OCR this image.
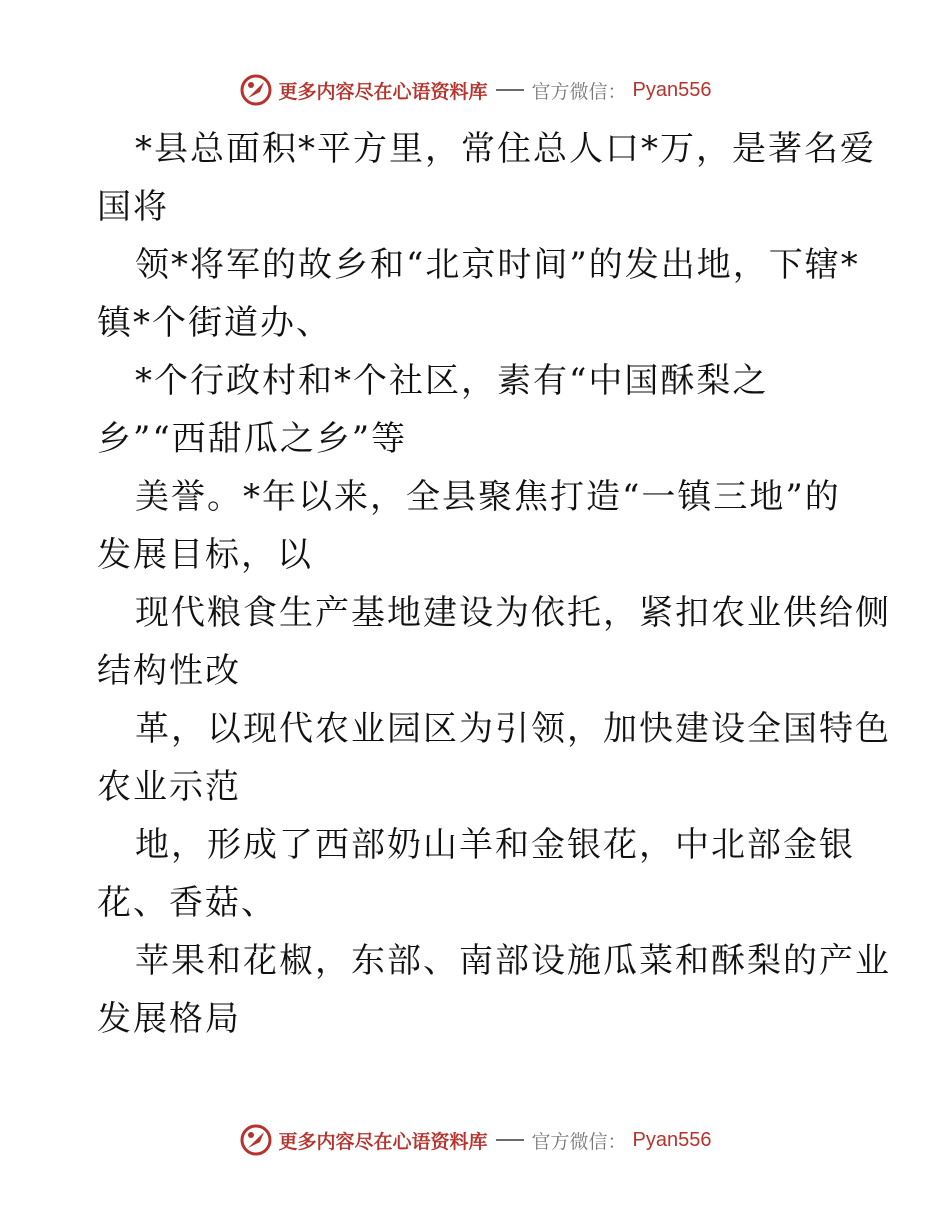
更多内容尽在心语资料库 官方微信： Pyan556
*县总面积*平方里，常住总人口*万，是著名爱
国将
领*将军的故乡和“北京时间”的发出地，下辖*
镇*个街道办、
*个行政村和*个社区，素有“中国酥梨之
乡”“西甜瓜之乡”等
美誉。*年以来，全县聚焦打造“一镇三地”的
发展目标，以
现代粮食生产基地建设为依托，紧扣农业供给侧
结构性改
革，以现代农业园区为引领，加快建设全国特色
农业示范
地，形成了西部奶山羊和金银花，中北部金银
花、香菇、
苹果和花椒，东部、南部设施瓜菜和酥梨的产业
发展格局
更多内容尽在心语资料库 官方微信： Pyan556
